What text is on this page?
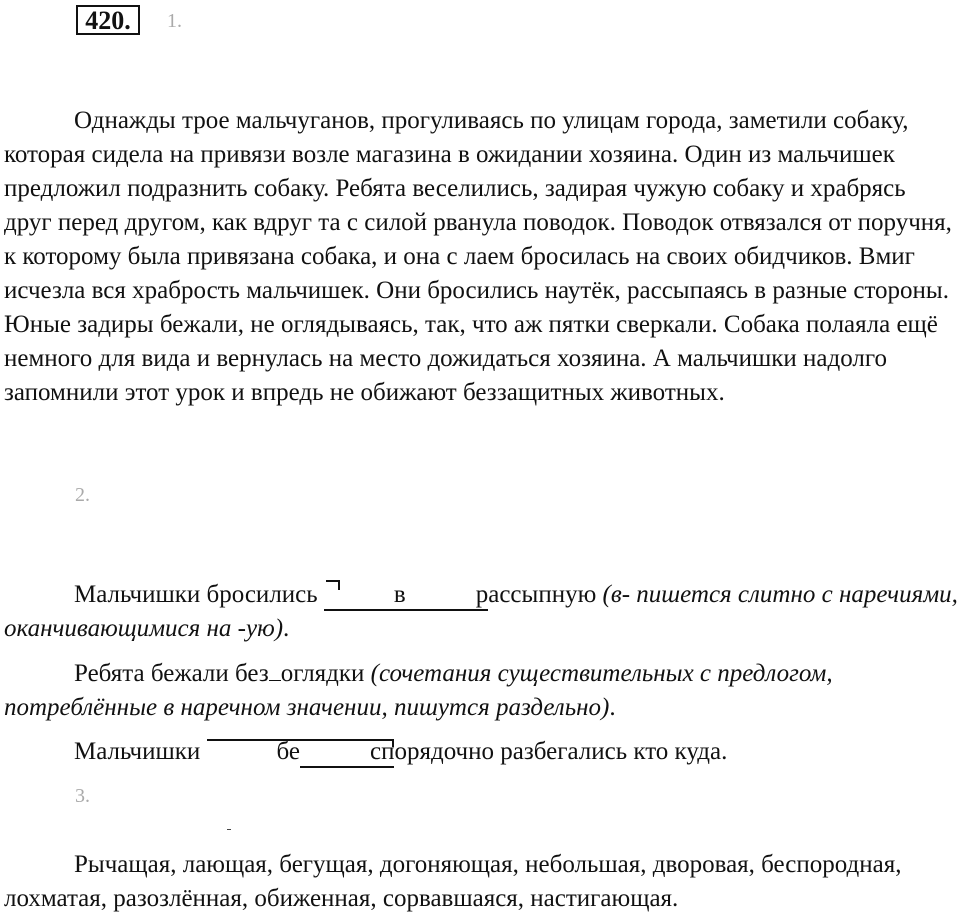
420.	1.

Однажды трое мальчуганов, прогуливаясь по улицам города, заметили собаку, которая сидела на привязи возле магазина в ожидании хозяина. Один из мальчишек предложил подразнить собаку. Ребята веселились, задирая чужую собаку и храбрясь друг перед другом, как вдруг та с силой рванула поводок. Поводок отвязался от поручня, к которому была привязана собака, и она с лаем бросилась на своих обидчиков. Вмиг исчезла вся храбрость мальчишек. Они бросились наутёк, рассыпаясь в разные стороны. Юные задиры бежали, не оглядываясь, так, что аж пятки сверкали. Собака полаяла ещё немного для вида и вернулась на место дожидаться хозяина. А мальчишки надолго запомнили этот урок и впредь не обижают беззащитных животных.

2.

Мальчишки бросились	в	рассыпную (в- пишется слитно с наречиями, оканчивающимися на -ую).

Ребята бежали без оглядки (сочетания существительных с предлогом, потреблённые в наречном значении, пишутся раздельно).

Мальчишки	бе	спорядочно разбегались кто куда.

3.

Рычащая, лающая, бегущая, догоняющая, небольшая, дворовая, беспородная, лохматая, разозлённая, обиженная, сорвавшаяся, настигающая.
